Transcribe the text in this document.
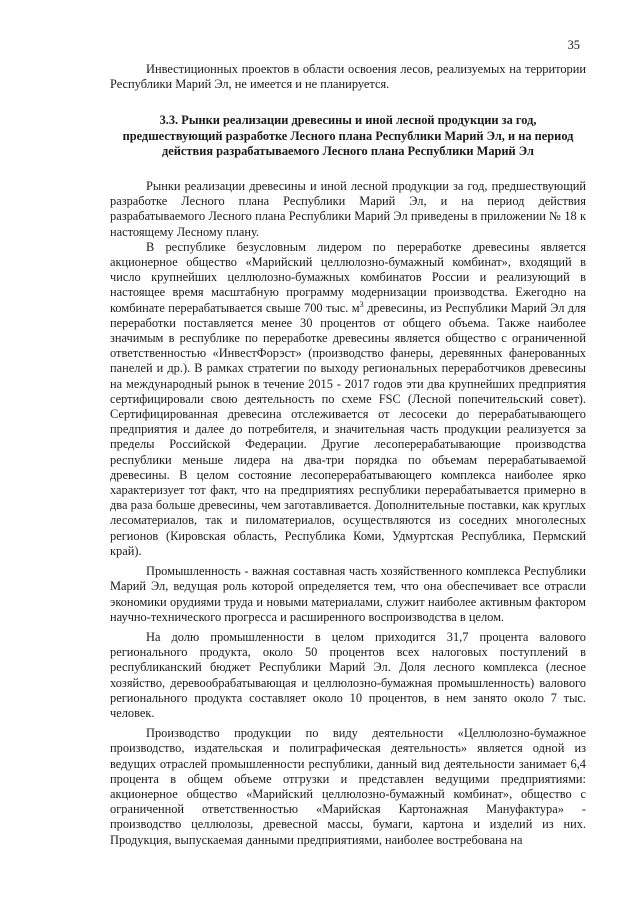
35

Инвестиционных проектов в области освоения лесов, реализуемых на территории Республики Марий Эл, не имеется и не планируется.

3.3. Рынки реализации древесины и иной лесной продукции за год, предшествующий разработке Лесного плана Республики Марий Эл, и на период действия разрабатываемого Лесного плана Республики Марий Эл

Рынки реализации древесины и иной лесной продукции за год, предшествующий разработке Лесного плана Республики Марий Эл, и на период действия разрабатываемого Лесного плана Республики Марий Эл приведены в приложении № 18 к настоящему Лесному плану.

В республике безусловным лидером по переработке древесины является акционерное общество «Марийский целлюлозно-бумажный комбинат», входящий в число крупнейших целлюлозно-бумажных комбинатов России и реализующий в настоящее время масштабную программу модернизации производства. Ежегодно на комбинате перерабатывается свыше 700 тыс. $м^3$ древесины, из Республики Марий Эл для переработки поставляется менее 30 процентов от общего объема. Также наиболее значимым в республике по переработке древесины является общество с ограниченной ответственностью «ИнвестФорэст» (производство фанеры, деревянных фанерованных панелей и др.). В рамках стратегии по выходу региональных переработчиков древесины на международный рынок в течение 2015 - 2017 годов эти два крупнейших предприятия сертифицировали свою деятельность по схеме FSC (Лесной попечительский совет). Сертифицированная древесина отслеживается от лесосеки до перерабатывающего предприятия и далее до потребителя, и значительная часть продукции реализуется за пределы Российской Федерации. Другие лесоперерабатывающие производства республики меньше лидера на два-три порядка по объемам перерабатываемой древесины. В целом состояние лесоперерабатывающего комплекса наиболее ярко характеризует тот факт, что на предприятиях республики перерабатывается примерно в два раза больше древесины, чем заготавливается. Дополнительные поставки, как круглых лесоматериалов, так и пиломатериалов, осуществляются из соседних многолесных регионов (Кировская область, Республика Коми, Удмуртская Республика, Пермский край).

Промышленность - важная составная часть хозяйственного комплекса Республики Марий Эл, ведущая роль которой определяется тем, что она обеспечивает все отрасли экономики орудиями труда и новыми материалами, служит наиболее активным фактором научно-технического прогресса и расширенного воспроизводства в целом.

На долю промышленности в целом приходится 31,7 процента валового регионального продукта, около 50 процентов всех налоговых поступлений в республиканский бюджет Республики Марий Эл. Доля лесного комплекса (лесное хозяйство, деревообрабатывающая и целлюлозно-бумажная промышленность) валового регионального продукта составляет около 10 процентов, в нем занято около 7 тыс. человек.

Производство продукции по виду деятельности «Целлюлозно-бумажное производство, издательская и полиграфическая деятельность» является одной из ведущих отраслей промышленности республики, данный вид деятельности занимает 6,4 процента в общем объеме отгрузки и представлен ведущими предприятиями: акционерное общество «Марийский целлюлозно-бумажный комбинат», общество с ограниченной ответственностью «Марийская Картонажная Мануфактура» - производство целлюлозы, древесной массы, бумаги, картона и изделий из них. Продукция, выпускаемая данными предприятиями, наиболее востребована на
